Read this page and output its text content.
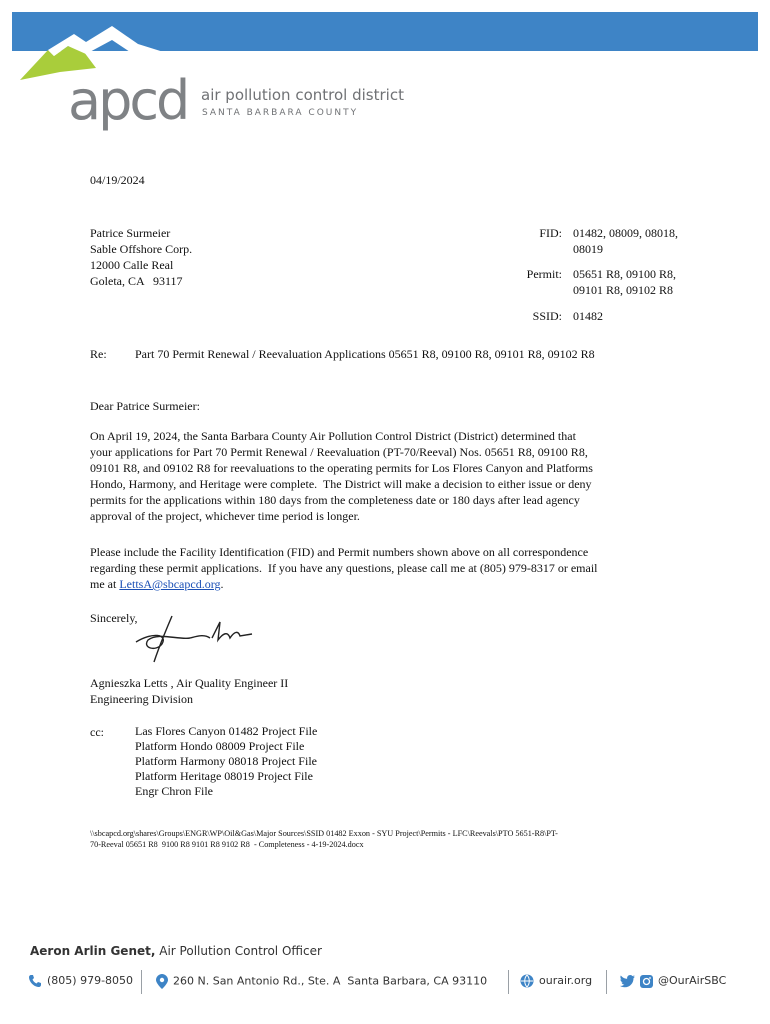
apcd air pollution control district
SANTA BARBARA COUNTY
04/19/2024
Patrice Surmeier
Sable Offshore Corp.
12000 Calle Real
Goleta, CA   93117
FID: 01482, 08009, 08018,
08019
Permit: 05651 R8, 09100 R8,
09101 R8, 09102 R8
SSID: 01482
Re: Part 70 Permit Renewal / Reevaluation Applications 05651 R8, 09100 R8, 09101 R8, 09102 R8
Dear Patrice Surmeier:
On April 19, 2024, the Santa Barbara County Air Pollution Control District (District) determined that
your applications for Part 70 Permit Renewal / Reevaluation (PT-70/Reeval) Nos. 05651 R8, 09100 R8,
09101 R8, and 09102 R8 for reevaluations to the operating permits for Los Flores Canyon and Platforms
Hondo, Harmony, and Heritage were complete.  The District will make a decision to either issue or deny
permits for the applications within 180 days from the completeness date or 180 days after lead agency
approval of the project, whichever time period is longer.
Please include the Facility Identification (FID) and Permit numbers shown above on all correspondence
regarding these permit applications.  If you have any questions, please call me at (805) 979-8317 or email
me at LettsA@sbcapcd.org.
Sincerely,
Agnieszka Letts , Air Quality Engineer II
Engineering Division
cc:	Las Flores Canyon 01482 Project File
Platform Hondo 08009 Project File
Platform Harmony 08018 Project File
Platform Heritage 08019 Project File
Engr Chron File
\\sbcapcd.org\shares\Groups\ENGR\WP\Oil&Gas\Major Sources\SSID 01482 Exxon - SYU Project\Permits - LFC\Reevals\PTO 5651-R8\PT-
70-Reeval 05651 R8  9100 R8 9101 R8 9102 R8  - Completeness - 4-19-2024.docx
Aeron Arlin Genet, Air Pollution Control Officer
(805) 979-8050	260 N. San Antonio Rd., Ste. A  Santa Barbara, CA 93110	ourair.org	@OurAirSBC
